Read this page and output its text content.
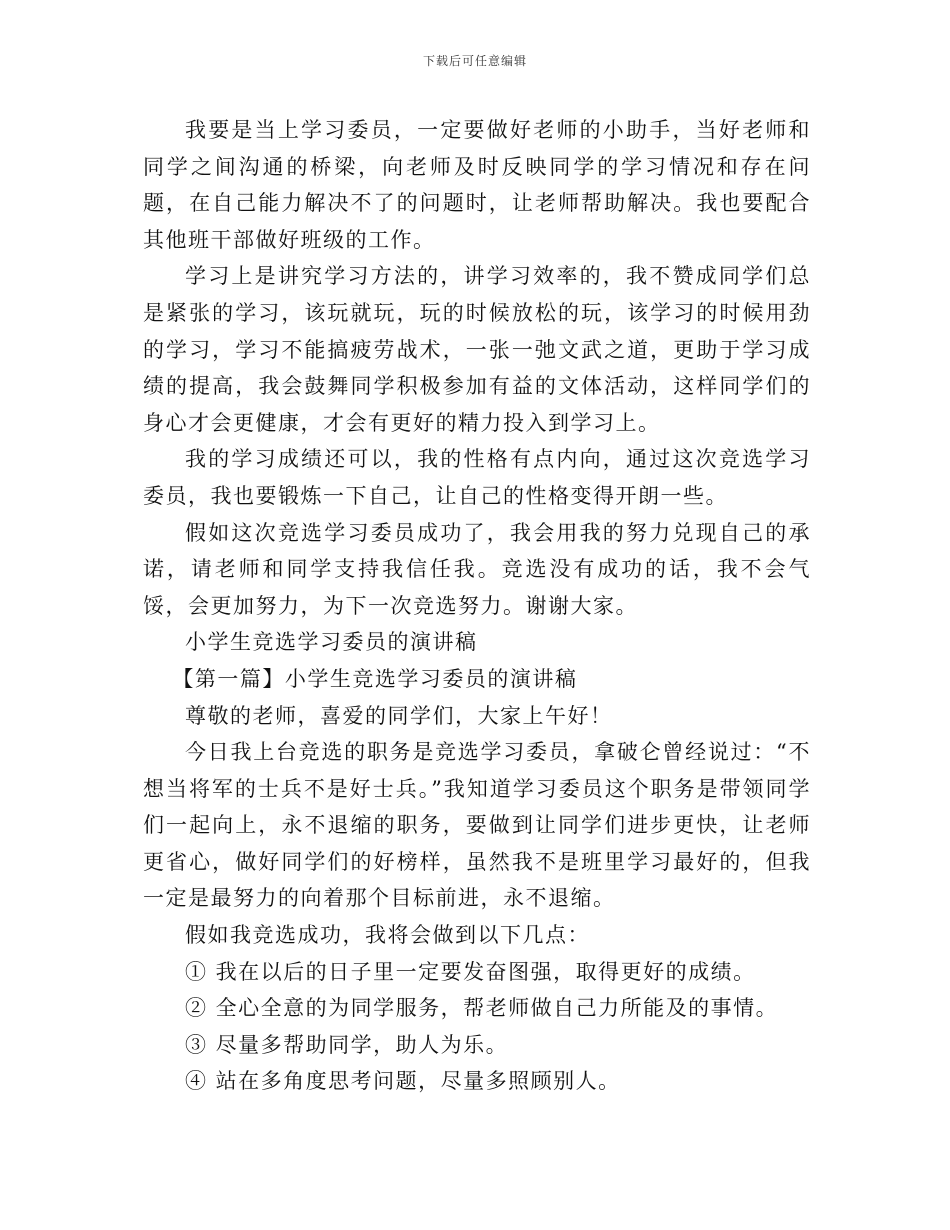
下载后可任意编辑

我要是当上学习委员，一定要做好老师的小助手，当好老师和同学之间沟通的桥梁，向老师及时反映同学的学习情况和存在问题，在自己能力解决不了的问题时，让老师帮助解决。我也要配合其他班干部做好班级的工作。

学习上是讲究学习方法的，讲学习效率的，我不赞成同学们总是紧张的学习，该玩就玩，玩的时候放松的玩，该学习的时候用劲的学习，学习不能搞疲劳战术，一张一弛文武之道，更助于学习成绩的提高，我会鼓舞同学积极参加有益的文体活动，这样同学们的身心才会更健康，才会有更好的精力投入到学习上。

我的学习成绩还可以，我的性格有点内向，通过这次竞选学习委员，我也要锻炼一下自己，让自己的性格变得开朗一些。

假如这次竞选学习委员成功了，我会用我的努力兑现自己的承诺，请老师和同学支持我信任我。竞选没有成功的话，我不会气馁，会更加努力，为下一次竞选努力。谢谢大家。

小学生竞选学习委员的演讲稿

【第一篇】小学生竞选学习委员的演讲稿

尊敬的老师，喜爱的同学们，大家上午好！

今日我上台竞选的职务是竞选学习委员，拿破仑曾经说过：“不想当将军的士兵不是好士兵。”我知道学习委员这个职务是带领同学们一起向上，永不退缩的职务，要做到让同学们进步更快，让老师更省心，做好同学们的好榜样，虽然我不是班里学习最好的，但我一定是最努力的向着那个目标前进，永不退缩。

假如我竞选成功，我将会做到以下几点：

① 我在以后的日子里一定要发奋图强，取得更好的成绩。

② 全心全意的为同学服务，帮老师做自己力所能及的事情。

③ 尽量多帮助同学，助人为乐。

④ 站在多角度思考问题，尽量多照顾别人。
